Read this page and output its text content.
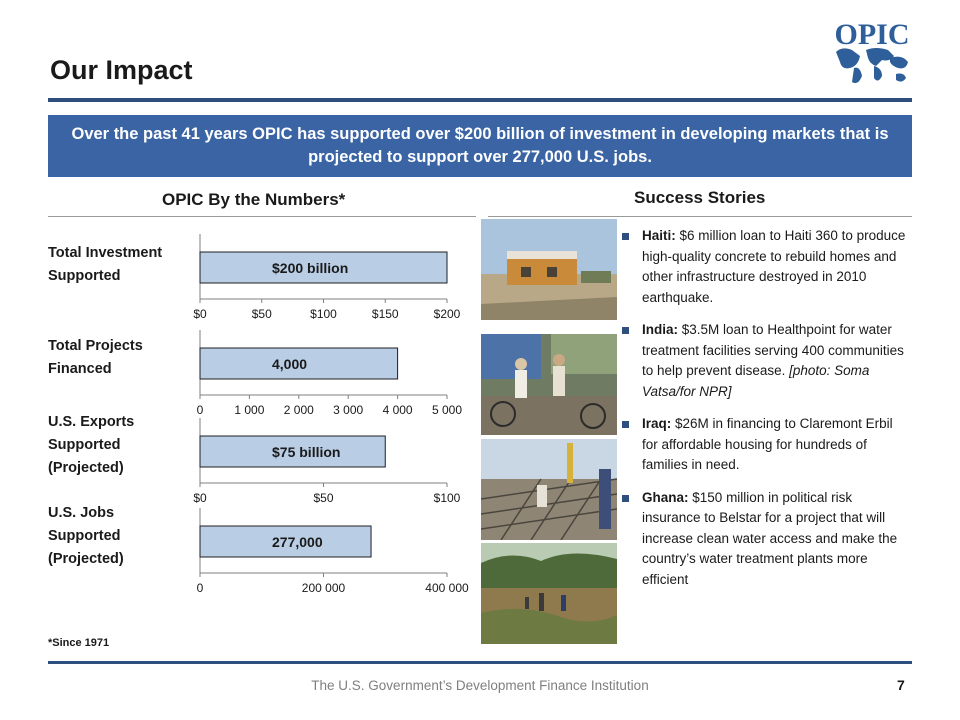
Our Impact
OPIC
Over the past 41 years OPIC has supported over $200 billion of investment in developing markets that is projected to support over 277,000 U.S. jobs.
OPIC By the Numbers*
Total Investment
Supported
Total Projects
Financed
U.S. Exports
Supported
(Projected)
U.S. Jobs
Supported
(Projected)
$0	$50	$100	$150	$200
$200 billion
0	1 000 2 000 3 000 4 000 5 000
4,000
$0	$50	$100
$75 billion
0	200 000	400 000
277,000
*Since 1971
Success Stories
Haiti: $6 million loan to Haiti 360 to produce high-quality concrete to rebuild homes and other infrastructure destroyed in 2010 earthquake.
India: $3.5M loan to Healthpoint for water treatment facilities serving 400 communities to help prevent disease. [photo: Soma Vatsa/for NPR]
Iraq: $26M in financing to Claremont Erbil for affordable housing for hundreds of families in need.
Ghana: $150 million in political risk insurance to Belstar for a project that will increase clean water access and make the country’s water treatment plants more efficient
The U.S. Government’s Development Finance Institution	7
